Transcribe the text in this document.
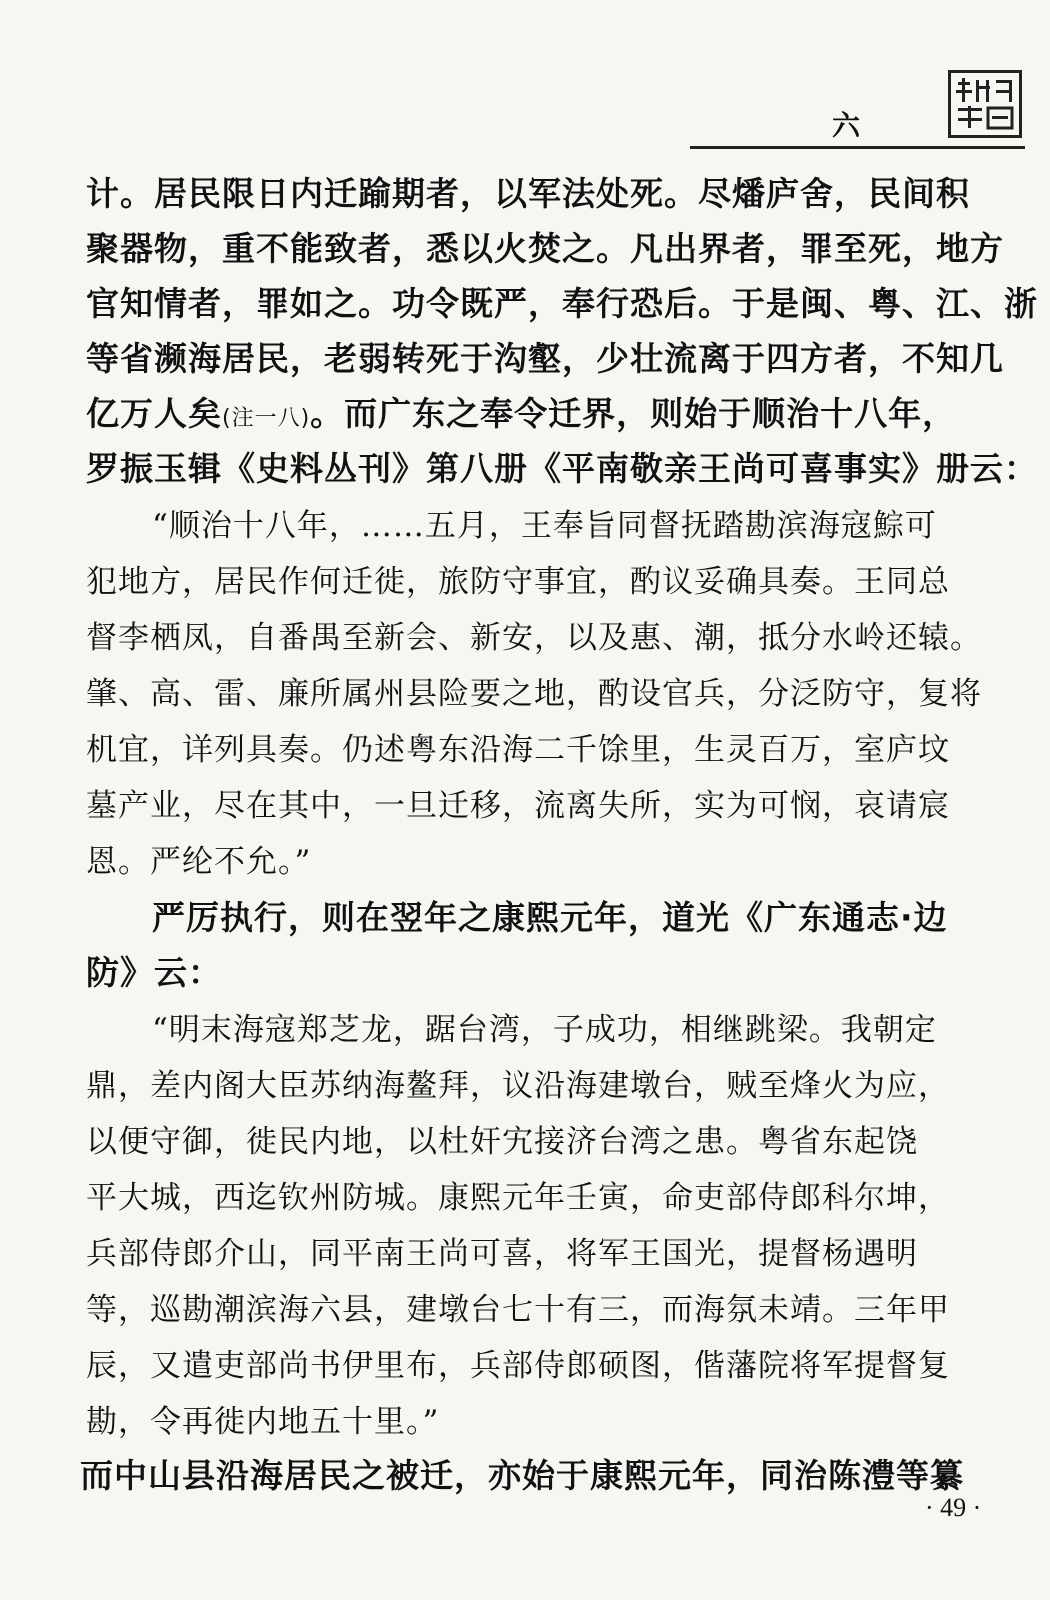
六
计。居民限日内迁踰期者，以军法处死。尽燔庐舍，民间积
聚器物，重不能致者，悉以火焚之。凡出界者，罪至死，地方
官知情者，罪如之。功令既严，奉行恐后。于是闽、粤、江、浙
等省濒海居民，老弱转死于沟壑，少壮流离于四方者，不知几
亿万人矣(注一八)。而广东之奉令迁界，则始于顺治十八年，
罗振玉辑《史料丛刊》第八册《平南敬亲王尚可喜事实》册云：
“顺治十八年，……五月，王奉旨同督抚踏勘滨海寇鯮可
犯地方，居民作何迁徙，旅防守事宜，酌议妥确具奏。王同总
督李栖凤，自番禺至新会、新安，以及惠、潮，抵分水岭还辕。
肇、高、雷、廉所属州县险要之地，酌设官兵，分泛防守，复将
机宜，详列具奏。仍述粤东沿海二千馀里，生灵百万，室庐坟
墓产业，尽在其中，一旦迁移，流离失所，实为可悯，哀请宸
恩。严纶不允。”
严厉执行，则在翌年之康熙元年，道光《广东通志·边
防》云：
“明末海寇郑芝龙，踞台湾，子成功，相继跳梁。我朝定
鼎，差内阁大臣苏纳海鳌拜，议沿海建墩台，贼至烽火为应，
以便守御，徙民内地，以杜奸宄接济台湾之患。粤省东起饶
平大城，西迄钦州防城。康熙元年壬寅，命吏部侍郎科尔坤，
兵部侍郎介山，同平南王尚可喜，将军王国光，提督杨遇明
等，巡勘潮滨海六县，建墩台七十有三，而海氛未靖。三年甲
辰，又遣吏部尚书伊里布，兵部侍郎硕图，偕藩院将军提督复
勘，令再徙内地五十里。”
而中山县沿海居民之被迁，亦始于康熙元年，同治陈澧等纂
· 49 ·
